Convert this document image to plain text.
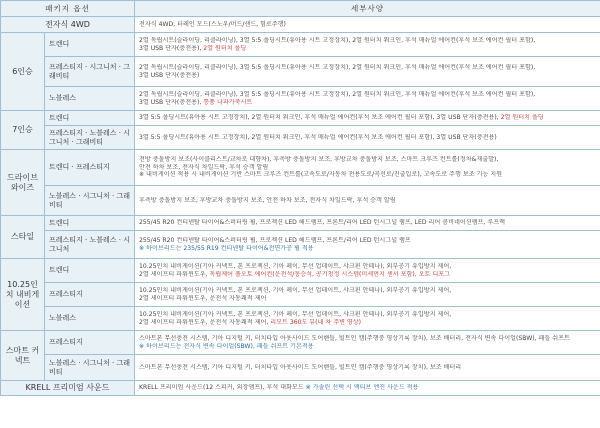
패키지 옵션		세부사양
전자식 4WD		전자식 4WD, 터레인 모드(스노우/머드/샌드, 험로주행)
6인승	트렌디	2열 독립시트(슬라이딩, 리클라이닝), 3열 5:5 폴딩시트(유아용 시트 고정장치), 2열 원터치 워크인, 후석 매뉴얼 에어컨(후석 보조 에어컨 필터 포함),
3열 USB 단자(충전용), 2열 원터치 폴딩

	프레스티지 · 시그니처 · 그래비티	2열 독립시트(슬라이딩, 리클라이닝), 3열 5:5 폴딩시트(유아용 시트 고정장치), 2열 원터치 워크인, 후석 매뉴얼 에어컨(후석 보조 에어컨 필터 포함),
3열 USB 단자(충전용)

	노블레스	2열 독립시트(슬라이딩, 리클라이닝), 3열 5:5 폴딩시트(유아용 시트 고정장치), 2열 원터치 워크인, 후석 매뉴얼 에어컨(후석 보조 에어컨 필터 포함),
3열 USB 단자(충전용), 통풍 나파가죽시트

7인승	트렌디	3열 5:5 폴딩시트(유아용 시트 고정장치), 2열 원터치 워크인, 후석 매뉴얼 에어컨(후석 보조 에어컨 필터 포함), 3열 USB 단자(충전용), 2열 원터치 폴딩

	프레스티지 · 노블레스 · 시그니처 · 그래비티	3열 5:5 폴딩시트(유아용 시트 고정장치), 2열 원터치 워크인, 후석 매뉴얼 에어컨(후석 보조 에어컨 필터 포함), 3열 USB 단자(충전용)

드라이브 와이즈	트렌디 · 프레스티지	전방 충돌방지 보조(사이클리스트/교차로 대향차), 후측방 충돌방지 보조, 후방교차 충돌방지 보조, 스마트 크루즈 컨트롤(정차&재출발),
안전 하차 보조, 전자식 차일드락, 후석 승객 알림
※ 내비게이션 적용 시 내비게이션 기반 스마트 크루즈 컨트롤(고속도로/자동차 전용도로/곡선로/진출입로), 고속도로 주행 보조 기능 지원

	노블레스 · 시그니처 · 그래비티	후측방 충돌방지 보조, 후방교차 충돌방지 보조, 안전 하차 보조, 전자식 차일드락, 후석 승객 알림

스타일	트렌디	255/45 R20 컨티넨탈 타이어&스퍼터링 휠, 프로젝션 LED 헤드램프, 프론트/리어 LED 턴시그널 램프, LED 리어 콤비네이션램프, 루프랙

	프레스티지 · 노블레스 · 시그니처	255/45 R20 컨티넨탈 타이어&스퍼터링 휠, 프로젝션 LED 헤드램프, 프론트/리어 LED 턴시그널 램프
※ 하이브리드는 235/55 R19 컨티넨탈 타이어&전면가공 휠 적용

10.25인치 내비게이션	트렌디	10.25인치 내비게이션(기아 커넥트, 폰 프로젝션, 기아 페이, 무선 업데이트, 샤크핀 안테나), 외부공기 유입방지 제어,
2열 세이프티 파워윈도우, 독립제어 풀오토 에어컨(운전석/동승석, 공기청정 시스템(미세먼지 센서 포함), 오토 디포그

	프레스티지	10.25인치 내비게이션(기아 커넥트, 폰 프로젝션, 기아 페이, 무선 업데이트, 샤크핀 안테나), 외부공기 유입방지 제어,
2열 세이프티 파워윈도우, 운전석 자동쾌적 제어

	노블레스	10.25인치 내비게이션(기아 커넥트, 폰 프로젝션, 기아 페이, 무선 업데이트, 샤크핀 안테나), 외부공기 유입방지 제어,
2열 세이프티 파워윈도우, 운전석 자동쾌적 제어, 리모트 360도 뷰(내 차 주변 영상)

스마트 커넥트	프레스티지	스마트폰 무선충전 시스템, 기아 디지털 키, 터치타입 아웃사이드 도어핸들, 빌트인 캠(주행중 영상기록 장치), 보조 배터리, 전자식 변속 다이얼(SBW), 패들 쉬프트
※ 하이브리드는 전자식 변속 다이얼(SBW), 패들 쉬프트 기본적용

	노블레스 · 시그니처 · 그래비티	스마트폰 무선충전 시스템, 기아 디지털 키, 터치타입 아웃사이드 도어핸들, 빌트인 캠(주행중 영상기록 장치), 보조 배터리

KRELL 프리미엄 사운드		KRELL 프리미엄 사운드(12 스피커, 외장앰프), 후석 대화모드 ※ 가솔린 선택 시 액티브 엔진 사운드 적용
